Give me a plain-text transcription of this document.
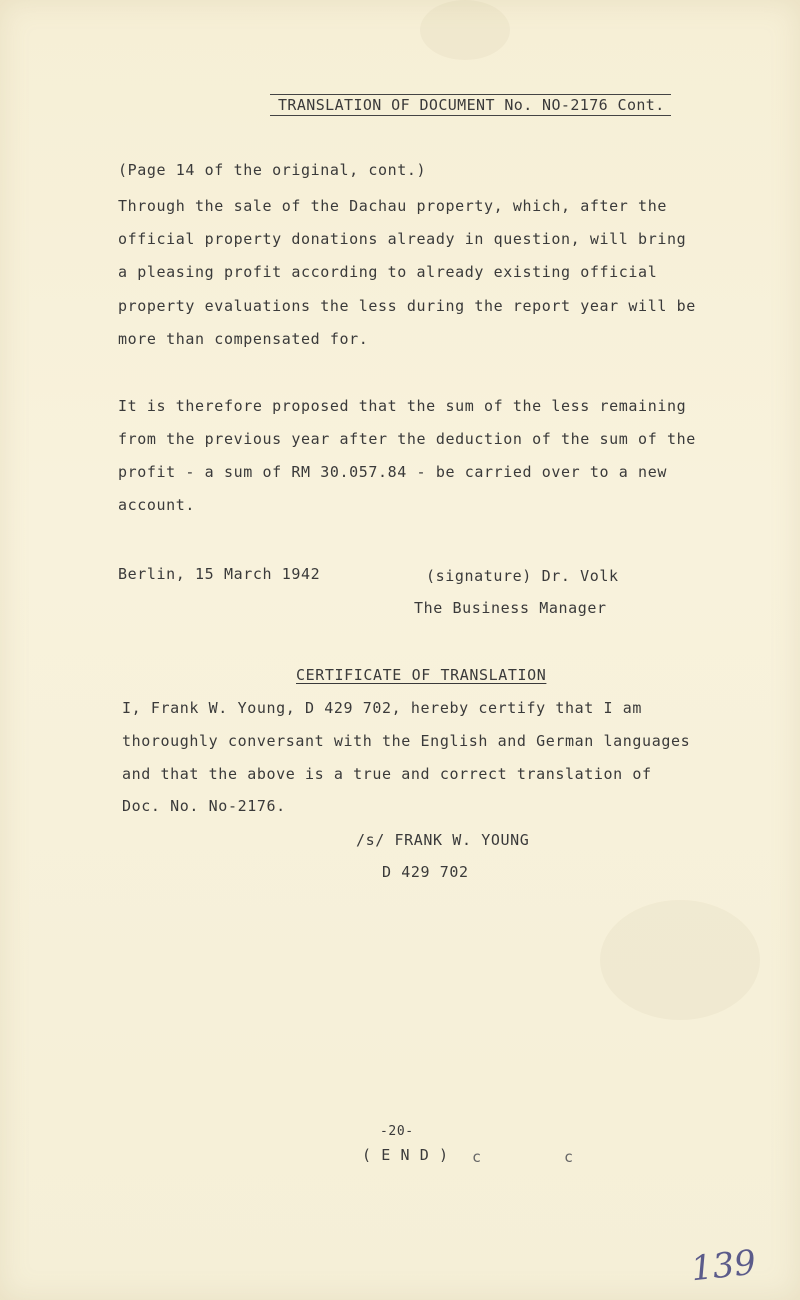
TRANSLATION OF DOCUMENT No. NO-2176 Cont.
(Page 14 of the original, cont.)
Through the sale of the Dachau property, which, after the
official property donations already in question, will bring
a pleasing profit according to already existing official
property evaluations the less during the report year will be
more than compensated for.
It is therefore proposed that the sum of the less remaining
from the previous year after the deduction of the sum of the
profit - a sum of RM 30.057.84 - be carried over to a new
account.
Berlin, 15 March 1942	(signature) Dr. Volk
The Business Manager
CERTIFICATE OF TRANSLATION
I, Frank W. Young, D 429 702, hereby certify that I am
thoroughly conversant with the English and German languages
and that the above is a true and correct translation of
Doc. No. No-2176.
/s/ FRANK W. YOUNG
D 429 702
-20-
( E N D ) c	c
139
